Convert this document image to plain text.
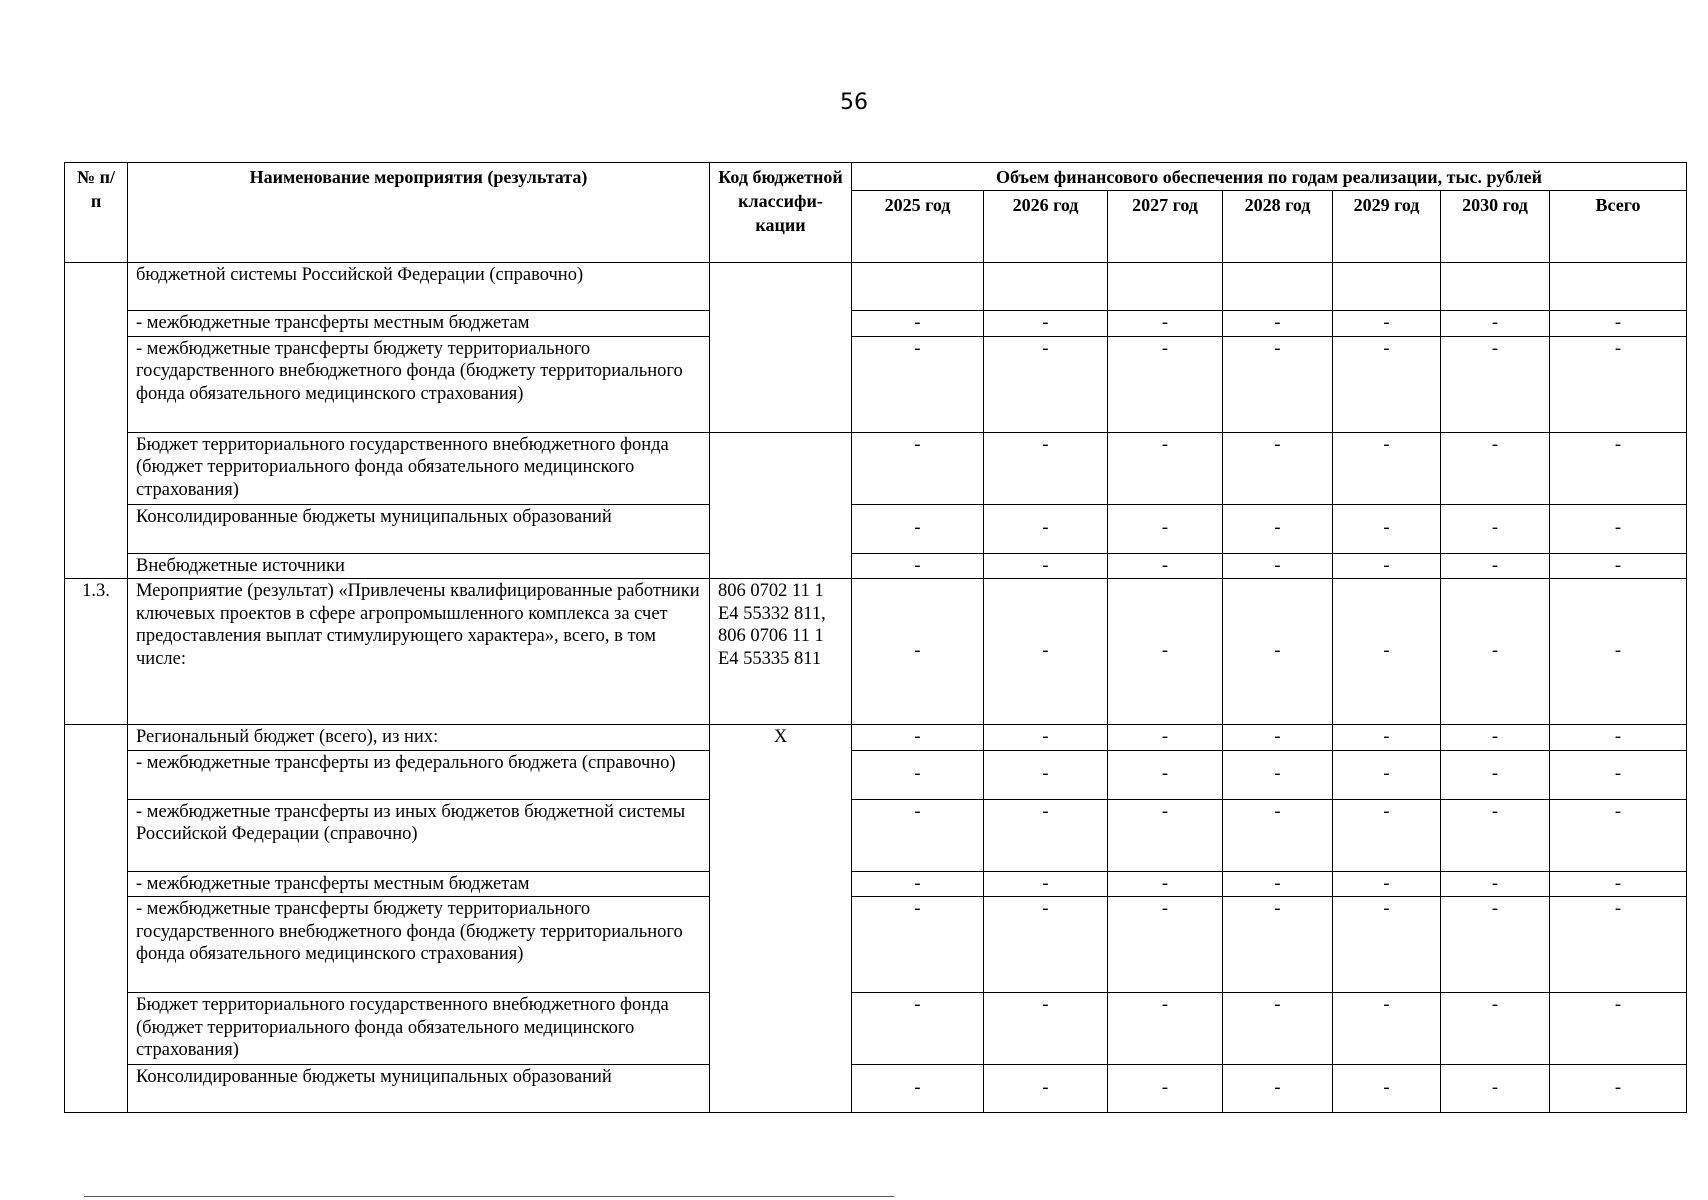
56
№ п/п	Наименование мероприятия (результата)	Код бюджетной классифи-кации	Объем финансового обеспечения по годам реализации, тыс. рублей						
			2025 год	2026 год	2027 год	2028 год	2029 год	2030 год	Всего
	бюджетной системы Российской Федерации (справочно)								
	- межбюджетные трансферты местным бюджетам		-	-	-	-	-	-	-
	- межбюджетные трансферты бюджету территориального государственного внебюджетного фонда (бюджету территориального фонда обязательного медицинского страхования)		-	-	-	-	-	-	-
	Бюджет территориального государственного внебюджетного фонда (бюджет территориального фонда обязательного медицинского страхования)		-	-	-	-	-	-	-
	Консолидированные бюджеты муниципальных образований		-	-	-	-	-	-	-
	Внебюджетные источники		-	-	-	-	-	-	-
1.3.	Мероприятие (результат) «Привлечены квалифицированные работники ключевых проектов в сфере агропромышленного комплекса за счет предоставления выплат стимулирующего характера», всего, в том числе:	806 0702 11 1 Е4 55332 811, 806 0706 11 1 Е4 55335 811	-	-	-	-	-	-	-
	Региональный бюджет (всего), из них:	Х	-	-	-	-	-	-	-
	- межбюджетные трансферты из федерального бюджета (справочно)		-	-	-	-	-	-	-
	- межбюджетные трансферты из иных бюджетов бюджетной системы Российской Федерации (справочно)		-	-	-	-	-	-	-
	- межбюджетные трансферты местным бюджетам		-	-	-	-	-	-	-
	- межбюджетные трансферты бюджету территориального государственного внебюджетного фонда (бюджету территориального фонда обязательного медицинского страхования)		-	-	-	-	-	-	-
	Бюджет территориального государственного внебюджетного фонда (бюджет территориального фонда обязательного медицинского страхования)		-	-	-	-	-	-	-
	Консолидированные бюджеты муниципальных образований		-	-	-	-	-	-	-
